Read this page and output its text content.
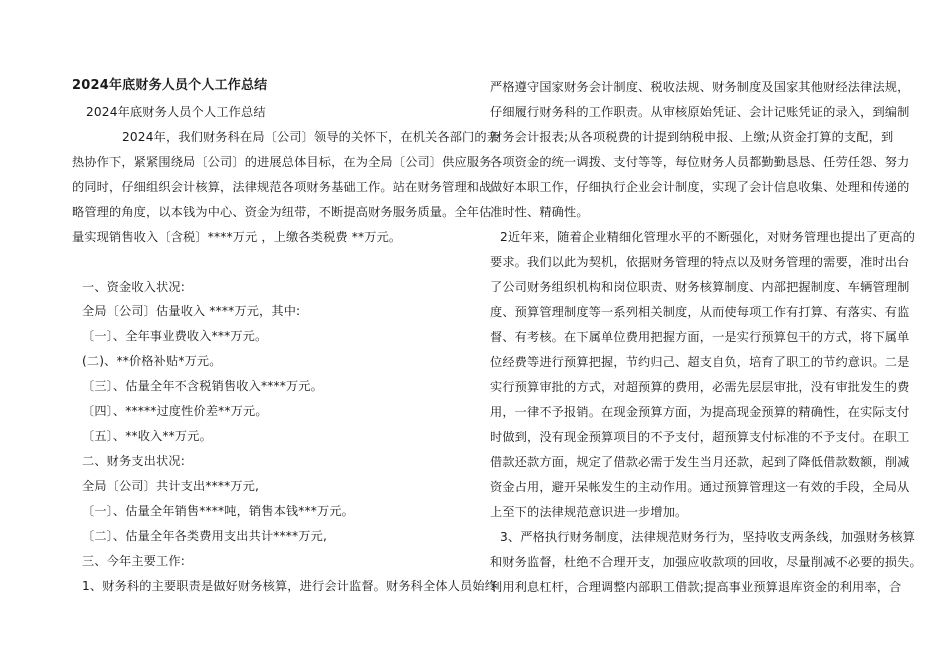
2024年底财务人员个人工作总结
2024年底财务人员个人工作总结
2024年，我们财务科在局〔公司〕领导的关怀下，在机关各部门的亲
热协作下，紧紧围绕局〔公司〕的进展总体目标，在为全局〔公司〕供应服务
的同时，仔细组织会计核算，法律规范各项财务基础工作。站在财务管理和战
略管理的角度，以本钱为中心、资金为纽带，不断提高财务服务质量。全年估
量实现销售收入〔含税〕****万元 ，上缴各类税费 **万元。
一、资金收入状况:
全局〔公司〕估量收入 ****万元，其中:
〔一〕、全年事业费收入***万元。
(二)、**价格补贴*万元。
〔三〕、估量全年不含税销售收入****万元。
〔四〕、*****过度性价差**万元。
〔五〕、**收入**万元。
二、财务支出状况:
全局〔公司〕共计支出****万元,
〔一〕、估量全年销售****吨，销售本钱***万元。
〔二〕、估量全年各类费用支出共计****万元,
三、今年主要工作:
1、财务科的主要职责是做好财务核算，进行会计监督。财务科全体人员始终
严格遵守国家财务会计制度、税收法规、财务制度及国家其他财经法律法规，
仔细履行财务科的工作职责。从审核原始凭证、会计记账凭证的录入，到编制
财务会计报表;从各项税费的计提到纳税申报、上缴;从资金打算的支配，到
各项资金的统一调拨、支付等等，每位财务人员都勤勤恳恳、任劳任怨、努力
做好本职工作，仔细执行企业会计制度，实现了会计信息收集、处理和传递的
准时性、精确性。
2近年来，随着企业精细化管理水平的不断强化，对财务管理也提出了更高的
要求。我们以此为契机，依据财务管理的特点以及财务管理的需要，准时出台
了公司财务组织机构和岗位职责、财务核算制度、内部把握制度、车辆管理制
度、预算管理制度等一系列相关制度，从而使每项工作有打算、有落实、有监
督、有考核。在下属单位费用把握方面，一是实行预算包干的方式，将下属单
位经费等进行预算把握，节约归己、超支自负，培育了职工的节约意识。二是
实行预算审批的方式，对超预算的费用，必需先层层审批，没有审批发生的费
用，一律不予报销。在现金预算方面，为提高现金预算的精确性，在实际支付
时做到，没有现金预算项目的不予支付，超预算支付标准的不予支付。在职工
借款还款方面，规定了借款必需于发生当月还款，起到了降低借款数额，削减
资金占用，避开呆帐发生的主动作用。通过预算管理这一有效的手段，全局从
上至下的法律规范意识进一步增加。
3、严格执行财务制度，法律规范财务行为，坚持收支两条线，加强财务核算
和财务监督，杜绝不合理开支，加强应收款项的回收，尽量削减不必要的损失。
利用利息杠杆，合理调整内部职工借款;提高事业预算退库资金的利用率，合
